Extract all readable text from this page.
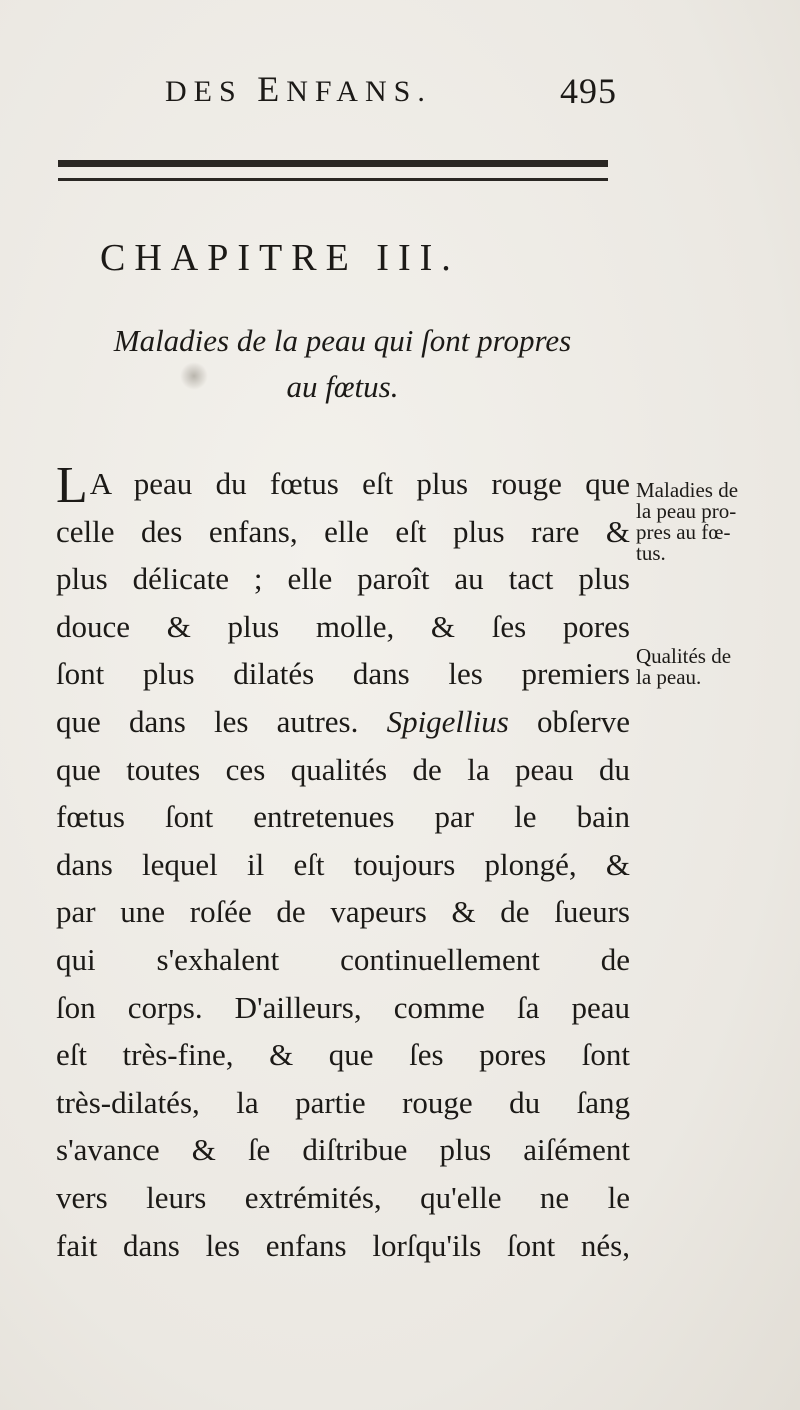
DES ENFANS.	495
CHAPITRE III.
Maladies de la peau qui ſont propres
au fœtus.
L A peau du fœtus eſt plus rouge que
celle des enfans, elle eſt plus rare &
plus délicate ; elle paroît au tact plus
douce & plus molle, & ſes pores
ſont plus dilatés dans les premiers
que dans les autres. Spigellius obſerve
que toutes ces qualités de la peau du
fœtus ſont entretenues par le bain
dans lequel il eſt toujours plongé, &
par une roſée de vapeurs & de ſueurs
qui s'exhalent continuellement de
ſon corps. D'ailleurs, comme ſa peau
eſt très-fine, & que ſes pores ſont
très-dilatés, la partie rouge du ſang
s'avance & ſe diſtribue plus aiſément
vers leurs extrémités, qu'elle ne le
fait dans les enfans lorſqu'ils ſont nés,
Maladies de
la peau pro-
pres au fœ-
tus.
Qualités de
la peau.
